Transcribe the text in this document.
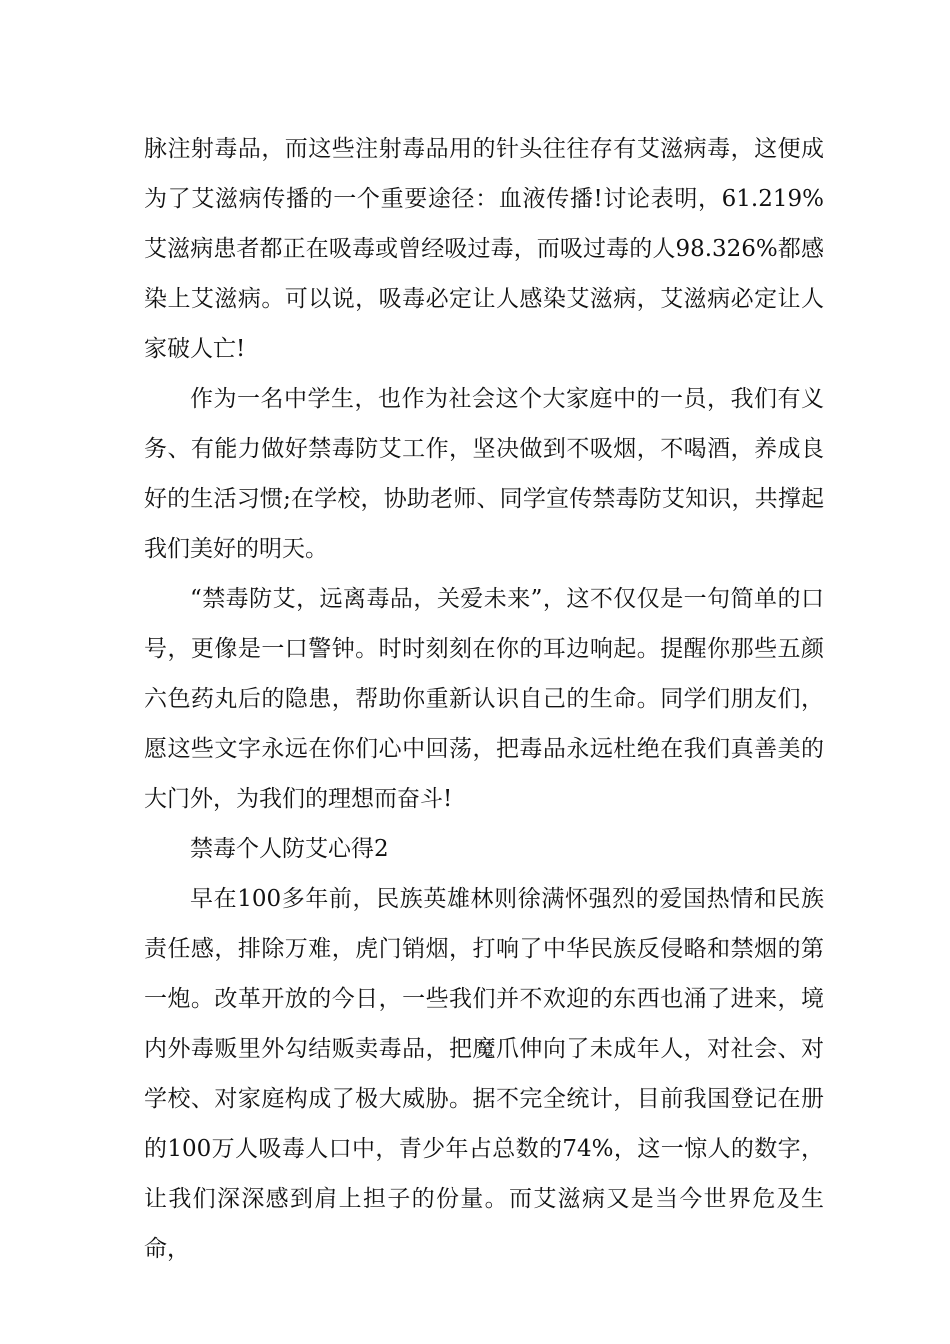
脉注射毒品，而这些注射毒品用的针头往往存有艾滋病毒，这便成为了艾滋病传播的一个重要途径：血液传播!讨论表明，61.219%艾滋病患者都正在吸毒或曾经吸过毒，而吸过毒的人98.326%都感染上艾滋病。可以说，吸毒必定让人感染艾滋病，艾滋病必定让人家破人亡!

作为一名中学生，也作为社会这个大家庭中的一员，我们有义务、有能力做好禁毒防艾工作，坚决做到不吸烟，不喝酒，养成良好的生活习惯;在学校，协助老师、同学宣传禁毒防艾知识，共撑起我们美好的明天。

“禁毒防艾，远离毒品，关爱未来”，这不仅仅是一句简单的口号，更像是一口警钟。时时刻刻在你的耳边响起。提醒你那些五颜六色药丸后的隐患，帮助你重新认识自己的生命。同学们朋友们，愿这些文字永远在你们心中回荡，把毒品永远杜绝在我们真善美的大门外，为我们的理想而奋斗!

禁毒个人防艾心得2

早在100多年前，民族英雄林则徐满怀强烈的爱国热情和民族责任感，排除万难，虎门销烟，打响了中华民族反侵略和禁烟的第一炮。改革开放的今日，一些我们并不欢迎的东西也涌了进来，境内外毒贩里外勾结贩卖毒品，把魔爪伸向了未成年人，对社会、对学校、对家庭构成了极大威胁。据不完全统计，目前我国登记在册的100万人吸毒人口中，青少年占总数的74%，这一惊人的数字，让我们深深感到肩上担子的份量。而艾滋病又是当今世界危及生命，
